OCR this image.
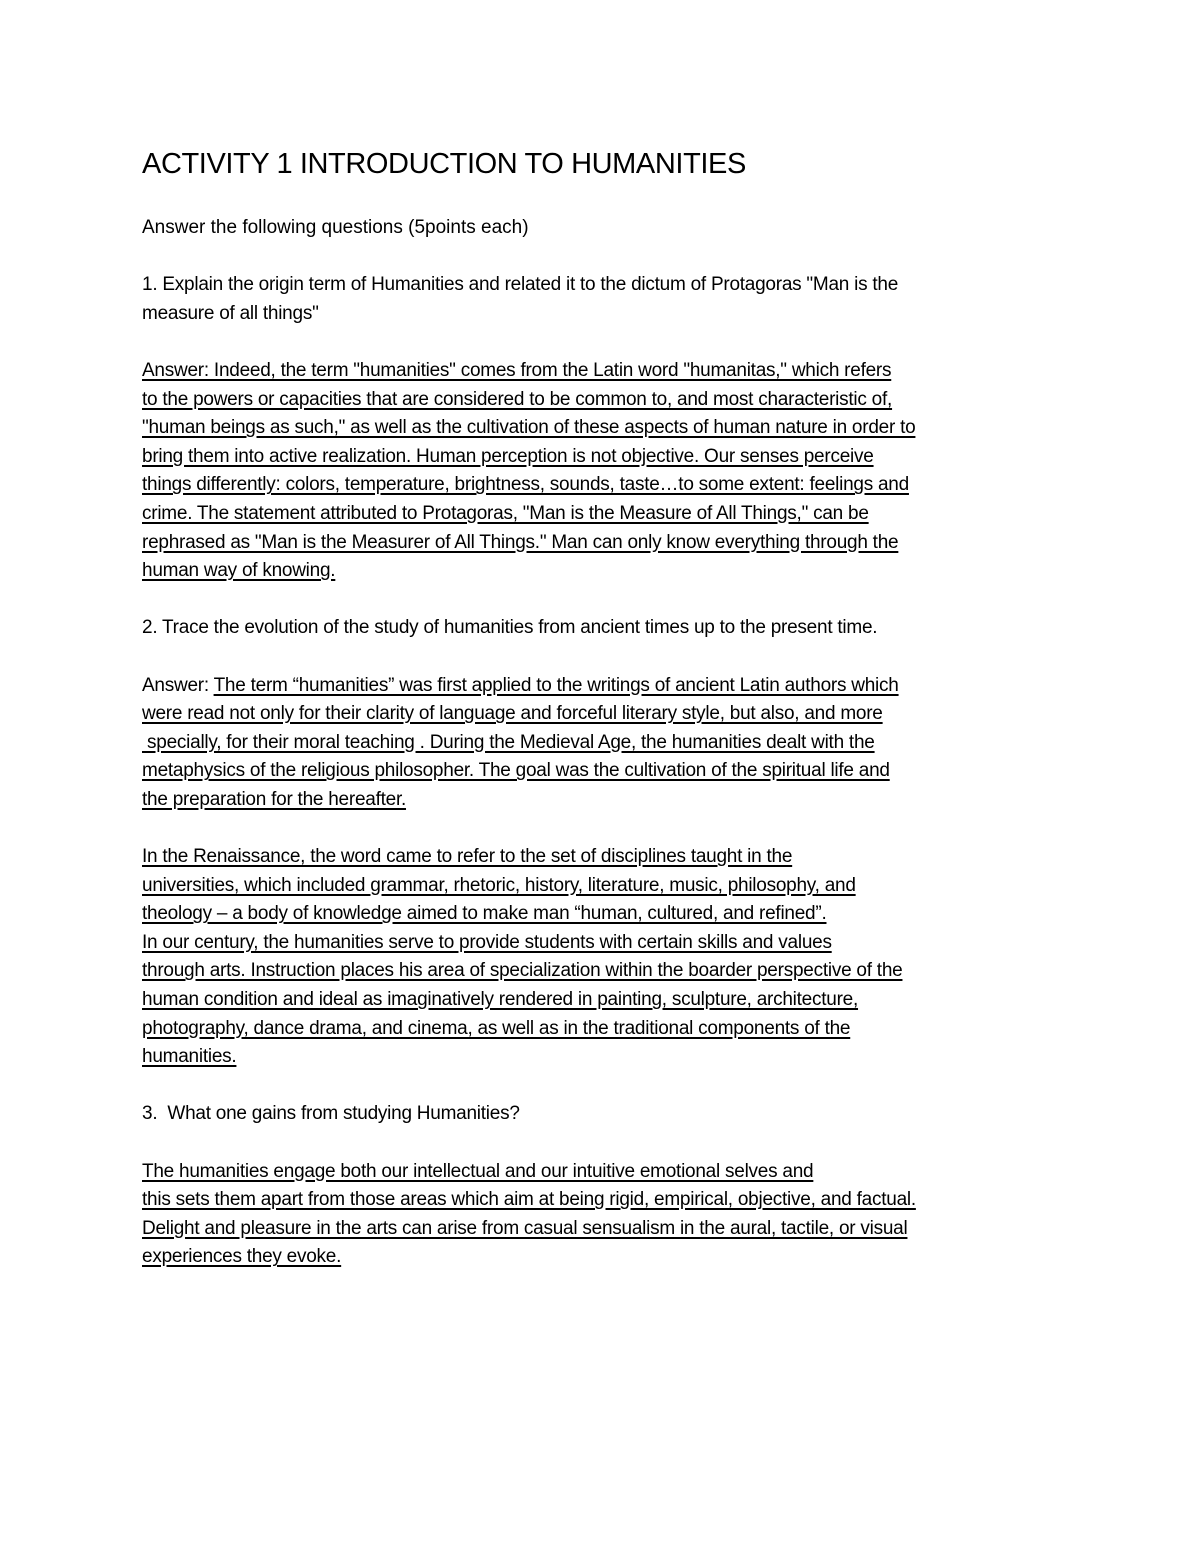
ACTIVITY 1 INTRODUCTION TO HUMANITIES

Answer the following questions (5points each)

1. Explain the origin term of Humanities and related it to the dictum of Protagoras "Man is the
measure of all things"
Answer: Indeed, the term "humanities" comes from the Latin word "humanitas," which refers
to the powers or capacities that are considered to be common to, and most characteristic of,
"human beings as such," as well as the cultivation of these aspects of human nature in order to
bring them into active realization. Human perception is not objective. Our senses perceive
things differently: colors, temperature, brightness, sounds, taste…to some extent: feelings and
crime. The statement attributed to Protagoras, "Man is the Measure of All Things," can be
rephrased as "Man is the Measurer of All Things." Man can only know everything through the
human way of knowing.
2. Trace the evolution of the study of humanities from ancient times up to the present time.
Answer: The term “humanities” was first applied to the writings of ancient Latin authors which
were read not only for their clarity of language and forceful literary style, but also, and more
specially, for their moral teaching . During the Medieval Age, the humanities dealt with the
metaphysics of the religious philosopher. The goal was the cultivation of the spiritual life and
the preparation for the hereafter.
In the Renaissance, the word came to refer to the set of disciplines taught in the
universities, which included grammar, rhetoric, history, literature, music, philosophy, and
theology – a body of knowledge aimed to make man “human, cultured, and refined”.
In our century, the humanities serve to provide students with certain skills and values
through arts. Instruction places his area of specialization within the boarder perspective of the
human condition and ideal as imaginatively rendered in painting, sculpture, architecture,
photography, dance drama, and cinema, as well as in the traditional components of the
humanities.
3.  What one gains from studying Humanities?
The humanities engage both our intellectual and our intuitive emotional selves and
this sets them apart from those areas which aim at being rigid, empirical, objective, and factual.
Delight and pleasure in the arts can arise from casual sensualism in the aural, tactile, or visual
experiences they evoke.
